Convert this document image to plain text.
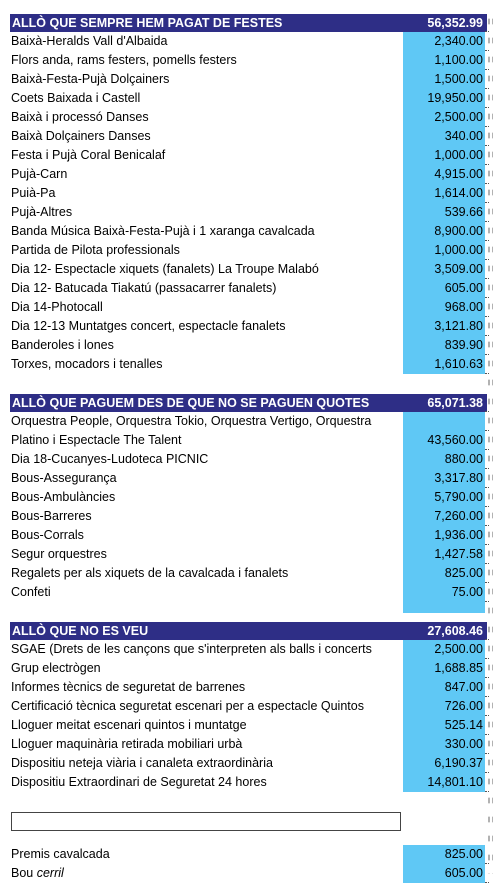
ALLÒ QUE SEMPRE HEM PAGAT DE FESTES	56,352.99
Baixà-Heralds Vall d'Albaida	2,340.00
Flors anda, rams festers, pomells festers	1,100.00
Baixà-Festa-Pujà Dolçainers	1,500.00
Coets Baixada i Castell	19,950.00
Baixà i processó Danses	2,500.00
Baixà Dolçainers Danses	340.00
Festa i Pujà Coral Benicalaf	1,000.00
Pujà-Carn	4,915.00
Puià-Pa	1,614.00
Pujà-Altres	539.66
Banda Música Baixà-Festa-Pujà i 1 xaranga cavalcada	8,900.00
Partida de Pilota professionals	1,000.00
Dia 12- Espectacle xiquets (fanalets) La Troupe Malabó	3,509.00
Dia 12- Batucada Tiakatú (passacarrer fanalets)	605.00
Dia 14-Photocall	968.00
Dia 12-13 Muntatges concert, espectacle fanalets	3,121.80
Banderoles i lones	839.90
Torxes, mocadors i tenalles	1,610.63
ALLÒ QUE PAGUEM DES DE QUE NO SE PAGUEN QUOTES	65,071.38
Orquestra People, Orquestra Tokio, Orquestra Vertigo, Orquestra
Platino i Espectacle The Talent	43,560.00
Dia 18-Cucanyes-Ludoteca PICNIC	880.00
Bous-Assegurança	3,317.80
Bous-Ambulàncies	5,790.00
Bous-Barreres	7,260.00
Bous-Corrals	1,936.00
Segur orquestres	1,427.58
Regalets per als xiquets de la cavalcada i fanalets	825.00
Confeti	75.00
ALLÒ QUE NO ES VEU	27,608.46
SGAE (Drets de les cançons que s'interpreten als balls i concerts	2,500.00
Grup electrògen	1,688.85
Informes tècnics de seguretat de barrenes	847.00
Certificació tècnica seguretat escenari per a espectacle Quintos	726.00
Lloguer meitat escenari quintos i muntatge	525.14
Lloguer maquinària retirada mobiliari urbà	330.00
Dispositiu neteja viària i canaleta extraordinària	6,190.37
Dispositiu Extraordinari de Seguretat 24 hores	14,801.10
Premis cavalcada	825.00
Bou cerril	605.00
